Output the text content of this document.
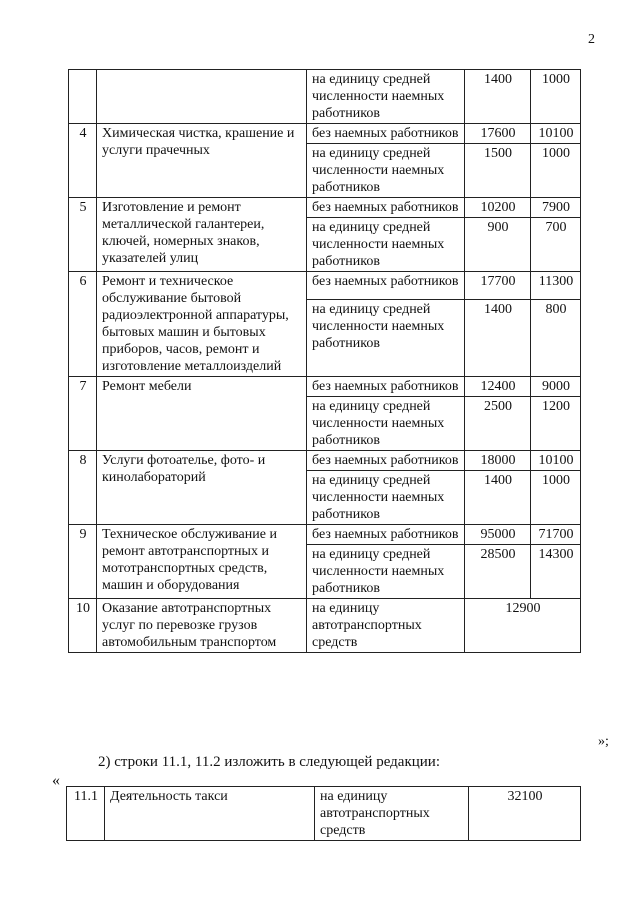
2
		на единицу средней численности наемных работников	1400	1000
4	Химическая чистка, крашение и услуги прачечных	без наемных работников	17600	10100
		на единицу средней численности наемных работников	1500	1000
5	Изготовление и ремонт металлической галантереи, ключей, номерных знаков, указателей улиц	без наемных работников	10200	7900
		на единицу средней численности наемных работников	900	700
6	Ремонт и техническое обслуживание бытовой радиоэлектронной аппаратуры, бытовых машин и бытовых приборов, часов, ремонт и изготовление металлоизделий	без наемных работников	17700	11300
		на единицу средней численности наемных работников	1400	800
7	Ремонт мебели	без наемных работников	12400	9000
		на единицу средней численности наемных работников	2500	1200
8	Услуги фотоателье, фото- и кинолабораторий	без наемных работников	18000	10100
		на единицу средней численности наемных работников	1400	1000
9	Техническое обслуживание и ремонт автотранспортных и мототранспортных средств, машин и оборудования	без наемных работников	95000	71700
		на единицу средней численности наемных работников	28500	14300
10	Оказание автотранспортных услуг по перевозке грузов автомобильным транспортом	на единицу автотранспортных средств	12900	
»;
2) строки 11.1, 11.2 изложить в следующей редакции:
«
11.1	Деятельность такси	на единицу автотранспортных средств	32100
